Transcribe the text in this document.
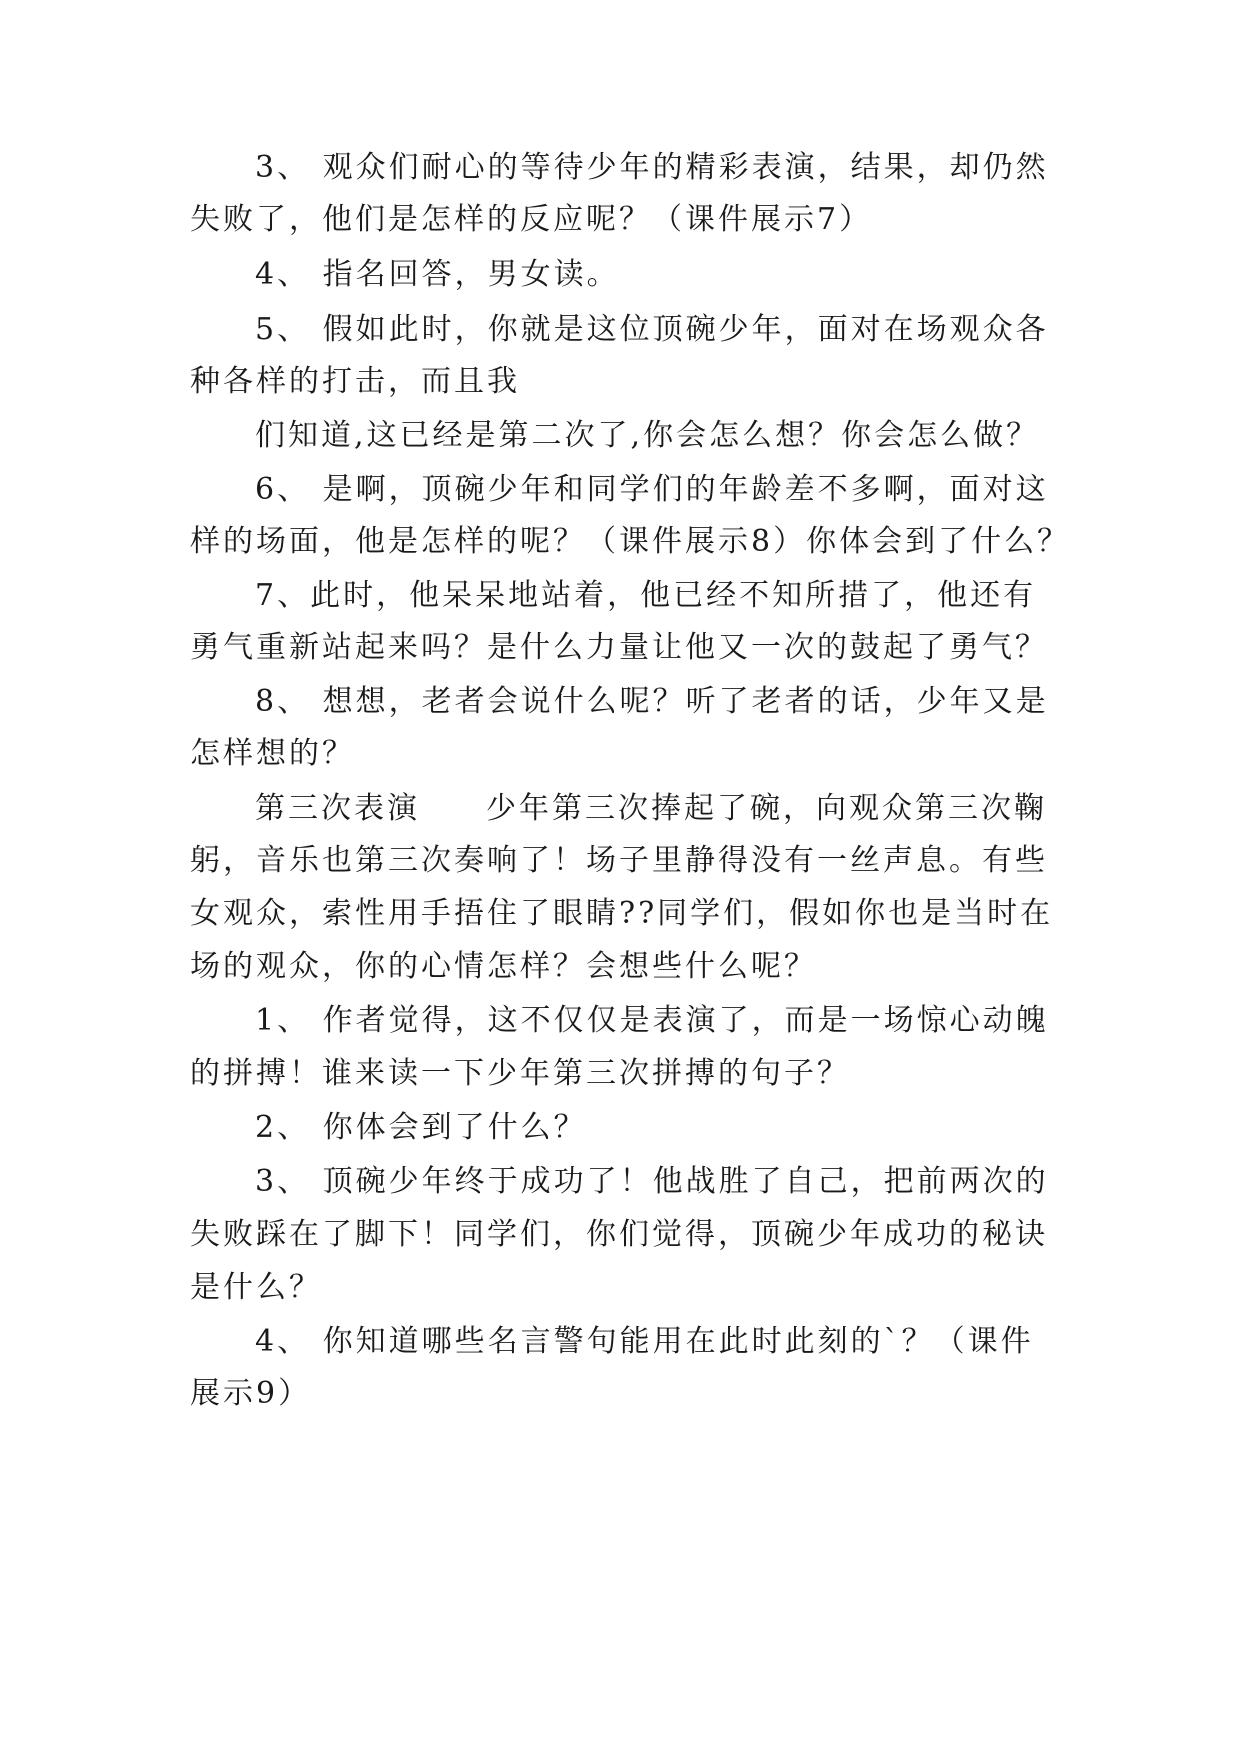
3、 观众们耐心的等待少年的精彩表演，结果，却仍然
失败了，他们是怎样的反应呢？（课件展示7）
4、 指名回答，男女读。
5、 假如此时，你就是这位顶碗少年，面对在场观众各
种各样的打击，而且我
们知道,这已经是第二次了,你会怎么想？你会怎么做？
6、 是啊，顶碗少年和同学们的年龄差不多啊，面对这
样的场面，他是怎样的呢？（课件展示8）你体会到了什么？
7、此时，他呆呆地站着，他已经不知所措了，他还有
勇气重新站起来吗？是什么力量让他又一次的鼓起了勇气？
8、 想想，老者会说什么呢？听了老者的话，少年又是
怎样想的？
第三次表演　　少年第三次捧起了碗，向观众第三次鞠
躬，音乐也第三次奏响了！场子里静得没有一丝声息。有些
女观众，索性用手捂住了眼睛??同学们，假如你也是当时在
场的观众，你的心情怎样？会想些什么呢？
1、 作者觉得，这不仅仅是表演了，而是一场惊心动魄
的拼搏！谁来读一下少年第三次拼搏的句子？
2、 你体会到了什么？
3、 顶碗少年终于成功了！他战胜了自己，把前两次的
失败踩在了脚下！同学们，你们觉得，顶碗少年成功的秘诀
是什么？
4、 你知道哪些名言警句能用在此时此刻的`？（课件
展示9）
